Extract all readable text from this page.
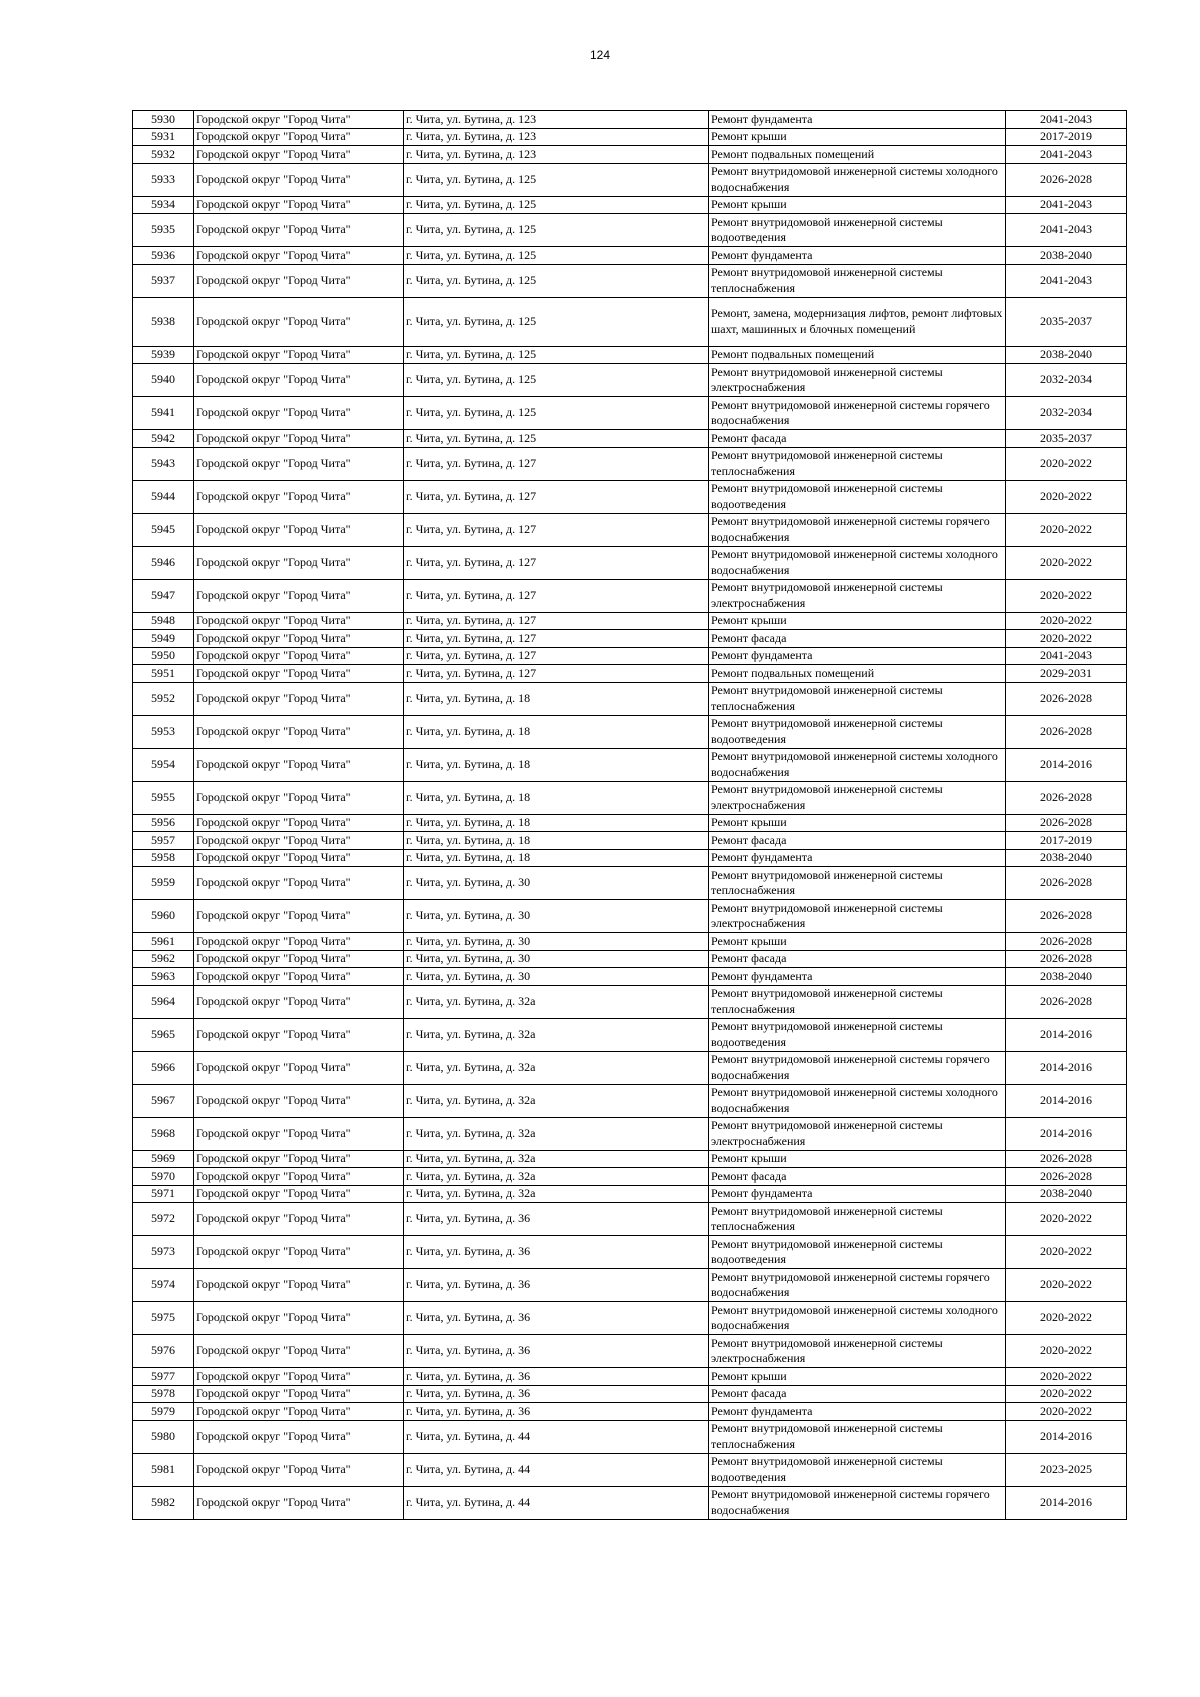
124
5930	Городской округ "Город Чита"	г. Чита, ул. Бутина, д. 123	Ремонт фундамента	2041-2043
5931	Городской округ "Город Чита"	г. Чита, ул. Бутина, д. 123	Ремонт крыши	2017-2019
5932	Городской округ "Город Чита"	г. Чита, ул. Бутина, д. 123	Ремонт подвальных помещений	2041-2043
5933	Городской округ "Город Чита"	г. Чита, ул. Бутина, д. 125	Ремонт внутридомовой инженерной системы холодного водоснабжения	2026-2028
5934	Городской округ "Город Чита"	г. Чита, ул. Бутина, д. 125	Ремонт крыши	2041-2043
5935	Городской округ "Город Чита"	г. Чита, ул. Бутина, д. 125	Ремонт внутридомовой инженерной системы водоотведения	2041-2043
5936	Городской округ "Город Чита"	г. Чита, ул. Бутина, д. 125	Ремонт фундамента	2038-2040
5937	Городской округ "Город Чита"	г. Чита, ул. Бутина, д. 125	Ремонт внутридомовой инженерной системы теплоснабжения	2041-2043
5938	Городской округ "Город Чита"	г. Чита, ул. Бутина, д. 125	Ремонт, замена, модернизация лифтов, ремонт лифтовых шахт, машинных и блочных помещений	2035-2037
5939	Городской округ "Город Чита"	г. Чита, ул. Бутина, д. 125	Ремонт подвальных помещений	2038-2040
5940	Городской округ "Город Чита"	г. Чита, ул. Бутина, д. 125	Ремонт внутридомовой инженерной системы электроснабжения	2032-2034
5941	Городской округ "Город Чита"	г. Чита, ул. Бутина, д. 125	Ремонт внутридомовой инженерной системы горячего водоснабжения	2032-2034
5942	Городской округ "Город Чита"	г. Чита, ул. Бутина, д. 125	Ремонт фасада	2035-2037
5943	Городской округ "Город Чита"	г. Чита, ул. Бутина, д. 127	Ремонт внутридомовой инженерной системы теплоснабжения	2020-2022
5944	Городской округ "Город Чита"	г. Чита, ул. Бутина, д. 127	Ремонт внутридомовой инженерной системы водоотведения	2020-2022
5945	Городской округ "Город Чита"	г. Чита, ул. Бутина, д. 127	Ремонт внутридомовой инженерной системы горячего водоснабжения	2020-2022
5946	Городской округ "Город Чита"	г. Чита, ул. Бутина, д. 127	Ремонт внутридомовой инженерной системы холодного водоснабжения	2020-2022
5947	Городской округ "Город Чита"	г. Чита, ул. Бутина, д. 127	Ремонт внутридомовой инженерной системы электроснабжения	2020-2022
5948	Городской округ "Город Чита"	г. Чита, ул. Бутина, д. 127	Ремонт крыши	2020-2022
5949	Городской округ "Город Чита"	г. Чита, ул. Бутина, д. 127	Ремонт фасада	2020-2022
5950	Городской округ "Город Чита"	г. Чита, ул. Бутина, д. 127	Ремонт фундамента	2041-2043
5951	Городской округ "Город Чита"	г. Чита, ул. Бутина, д. 127	Ремонт подвальных помещений	2029-2031
5952	Городской округ "Город Чита"	г. Чита, ул. Бутина, д. 18	Ремонт внутридомовой инженерной системы теплоснабжения	2026-2028
5953	Городской округ "Город Чита"	г. Чита, ул. Бутина, д. 18	Ремонт внутридомовой инженерной системы водоотведения	2026-2028
5954	Городской округ "Город Чита"	г. Чита, ул. Бутина, д. 18	Ремонт внутридомовой инженерной системы холодного водоснабжения	2014-2016
5955	Городской округ "Город Чита"	г. Чита, ул. Бутина, д. 18	Ремонт внутридомовой инженерной системы электроснабжения	2026-2028
5956	Городской округ "Город Чита"	г. Чита, ул. Бутина, д. 18	Ремонт крыши	2026-2028
5957	Городской округ "Город Чита"	г. Чита, ул. Бутина, д. 18	Ремонт фасада	2017-2019
5958	Городской округ "Город Чита"	г. Чита, ул. Бутина, д. 18	Ремонт фундамента	2038-2040
5959	Городской округ "Город Чита"	г. Чита, ул. Бутина, д. 30	Ремонт внутридомовой инженерной системы теплоснабжения	2026-2028
5960	Городской округ "Город Чита"	г. Чита, ул. Бутина, д. 30	Ремонт внутридомовой инженерной системы электроснабжения	2026-2028
5961	Городской округ "Город Чита"	г. Чита, ул. Бутина, д. 30	Ремонт крыши	2026-2028
5962	Городской округ "Город Чита"	г. Чита, ул. Бутина, д. 30	Ремонт фасада	2026-2028
5963	Городской округ "Город Чита"	г. Чита, ул. Бутина, д. 30	Ремонт фундамента	2038-2040
5964	Городской округ "Город Чита"	г. Чита, ул. Бутина, д. 32а	Ремонт внутридомовой инженерной системы теплоснабжения	2026-2028
5965	Городской округ "Город Чита"	г. Чита, ул. Бутина, д. 32а	Ремонт внутридомовой инженерной системы водоотведения	2014-2016
5966	Городской округ "Город Чита"	г. Чита, ул. Бутина, д. 32а	Ремонт внутридомовой инженерной системы горячего водоснабжения	2014-2016
5967	Городской округ "Город Чита"	г. Чита, ул. Бутина, д. 32а	Ремонт внутридомовой инженерной системы холодного водоснабжения	2014-2016
5968	Городской округ "Город Чита"	г. Чита, ул. Бутина, д. 32а	Ремонт внутридомовой инженерной системы электроснабжения	2014-2016
5969	Городской округ "Город Чита"	г. Чита, ул. Бутина, д. 32а	Ремонт крыши	2026-2028
5970	Городской округ "Город Чита"	г. Чита, ул. Бутина, д. 32а	Ремонт фасада	2026-2028
5971	Городской округ "Город Чита"	г. Чита, ул. Бутина, д. 32а	Ремонт фундамента	2038-2040
5972	Городской округ "Город Чита"	г. Чита, ул. Бутина, д. 36	Ремонт внутридомовой инженерной системы теплоснабжения	2020-2022
5973	Городской округ "Город Чита"	г. Чита, ул. Бутина, д. 36	Ремонт внутридомовой инженерной системы водоотведения	2020-2022
5974	Городской округ "Город Чита"	г. Чита, ул. Бутина, д. 36	Ремонт внутридомовой инженерной системы горячего водоснабжения	2020-2022
5975	Городской округ "Город Чита"	г. Чита, ул. Бутина, д. 36	Ремонт внутридомовой инженерной системы холодного водоснабжения	2020-2022
5976	Городской округ "Город Чита"	г. Чита, ул. Бутина, д. 36	Ремонт внутридомовой инженерной системы электроснабжения	2020-2022
5977	Городской округ "Город Чита"	г. Чита, ул. Бутина, д. 36	Ремонт крыши	2020-2022
5978	Городской округ "Город Чита"	г. Чита, ул. Бутина, д. 36	Ремонт фасада	2020-2022
5979	Городской округ "Город Чита"	г. Чита, ул. Бутина, д. 36	Ремонт фундамента	2020-2022
5980	Городской округ "Город Чита"	г. Чита, ул. Бутина, д. 44	Ремонт внутридомовой инженерной системы теплоснабжения	2014-2016
5981	Городской округ "Город Чита"	г. Чита, ул. Бутина, д. 44	Ремонт внутридомовой инженерной системы водоотведения	2023-2025
5982	Городской округ "Город Чита"	г. Чита, ул. Бутина, д. 44	Ремонт внутридомовой инженерной системы горячего водоснабжения	2014-2016
